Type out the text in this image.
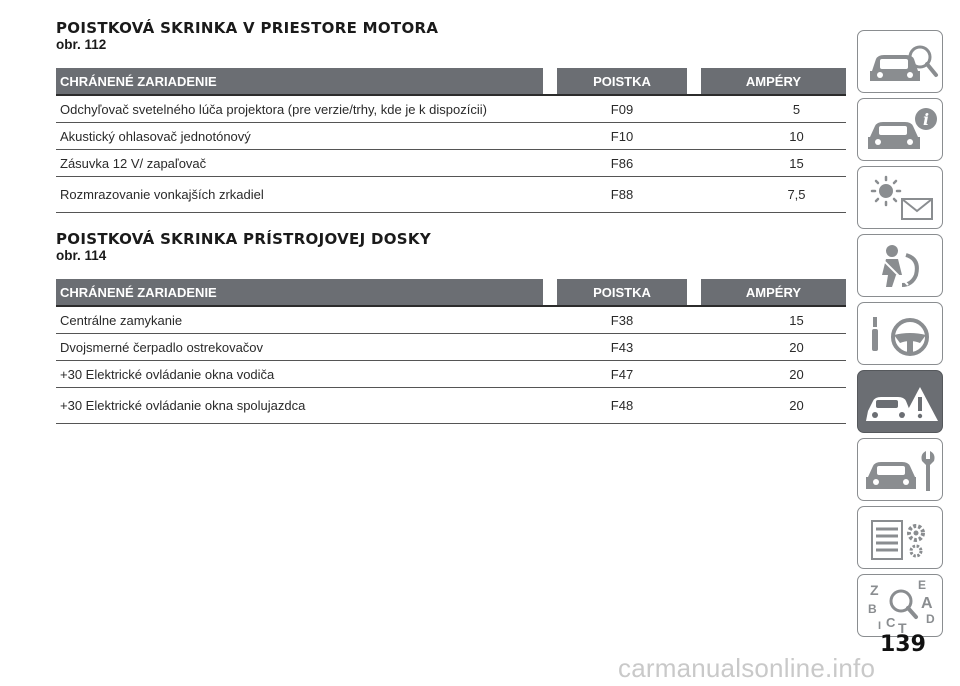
POISTKOVÁ SKRINKA V PRIESTORE MOTORA
obr. 112
CHRÁNENÉ ZARIADENIE		POISTKA		AMPÉRY
Odchyľovač svetelného lúča projektora (pre verzie/trhy, kde je k dispozícii)		F09		5
Akustický ohlasovač jednotónový		F10		10
Zásuvka 12 V/ zapaľovač		F86		15
Rozmrazovanie vonkajších zrkadiel		F88		7,5
POISTKOVÁ SKRINKA PRÍSTROJOVEJ DOSKY
obr. 114
CHRÁNENÉ ZARIADENIE		POISTKA		AMPÉRY
Centrálne zamykanie		F38		15
Dvojsmerné čerpadlo ostrekovačov		F43		20
+30 Elektrické ovládanie okna vodiča		F47		20
+30 Elektrické ovládanie okna spolujazdca		F48		20
i
Z	E
A
B
C	D
T
I
139
carmanualsonline.info
